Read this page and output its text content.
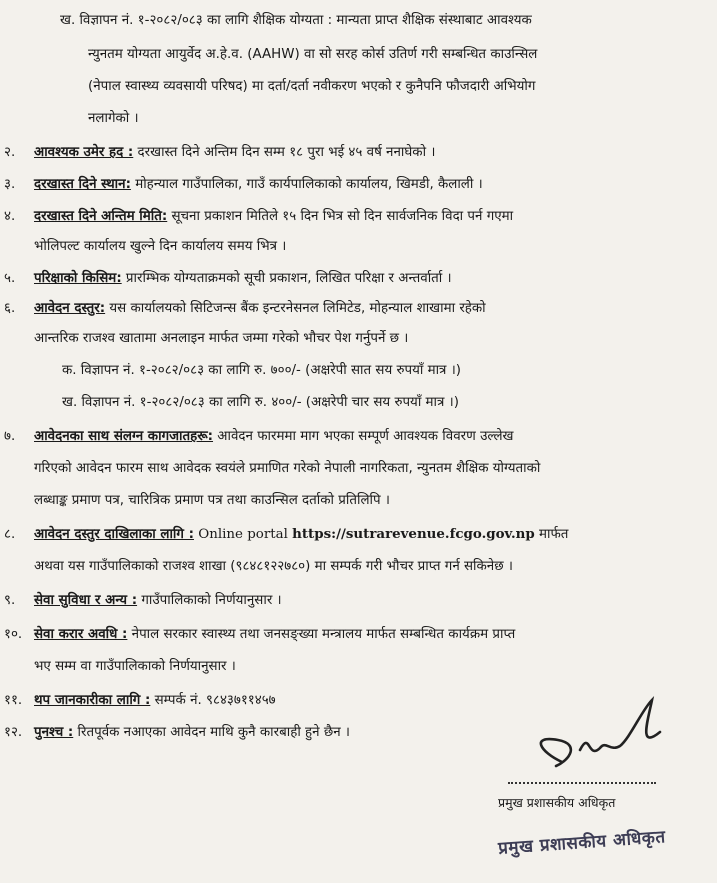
ख. विज्ञापन नं. १-२०८२/०८३ का लागि शैक्षिक योग्यता : मान्यता प्राप्त शैक्षिक संस्थाबाट आवश्यक
न्युनतम योग्यता आयुर्वेद अ.हे.व. (AAHW) वा सो सरह कोर्स उतिर्ण गरी सम्बन्धित काउन्सिल
(नेपाल स्वास्थ्य व्यवसायी परिषद) मा दर्ता/दर्ता नवीकरण भएको र कुनैपनि फौजदारी अभियोग
नलागेको ।
२. आवश्यक उमेर हद : दरखास्त दिने अन्तिम दिन सम्म १८ पुरा भई ४५ वर्ष ननाघेको ।
३. दरखास्त दिने स्थान: मोहन्याल गाउँपालिका, गाउँ कार्यपालिकाको कार्यालय, खिमडी, कैलाली ।
४. दरखास्त दिने अन्तिम मिति: सूचना प्रकाशन मितिले १५ दिन भित्र सो दिन सार्वजनिक विदा पर्न गएमा
भोलिपल्ट कार्यालय खुल्ने दिन कार्यालय समय भित्र ।
५. परिक्षाको किसिम: प्रारम्भिक योग्यताक्रमको सूची प्रकाशन, लिखित परिक्षा र अन्तर्वार्ता ।
६. आवेदन दस्तुर: यस कार्यालयको सिटिजन्स बैंक इन्टरनेसनल लिमिटेड, मोहन्याल शाखामा रहेको
आन्तरिक राजश्व खातामा अनलाइन मार्फत जम्मा गरेको भौचर पेश गर्नुपर्ने छ ।
क. विज्ञापन नं. १-२०८२/०८३ का लागि रु. ७००/- (अक्षरेपी सात सय रुपयाँ मात्र ।)
ख. विज्ञापन नं. १-२०८२/०८३ का लागि रु. ४००/- (अक्षरेपी चार सय रुपयाँ मात्र ।)
७. आवेदनका साथ संलग्न कागजातहरू: आवेदन फारममा माग भएका सम्पूर्ण आवश्यक विवरण उल्लेख
गरिएको आवेदन फारम साथ आवेदक स्वयंले प्रमाणित गरेको नेपाली नागरिकता, न्युनतम शैक्षिक योग्यताको
लब्धाङ्क प्रमाण पत्र, चारित्रिक प्रमाण पत्र तथा काउन्सिल दर्ताको प्रतिलिपि ।
८. आवेदन दस्तुर दाखिलाका लागि : Online portal https://sutrarevenue.fcgo.gov.np मार्फत
अथवा यस गाउँपालिकाको राजश्व शाखा (९८४८१२२७८०) मा सम्पर्क गरी भौचर प्राप्त गर्न सकिनेछ ।
९. सेवा सुविधा र अन्य : गाउँपालिकाको निर्णयानुसार ।
१०. सेवा करार अवधि : नेपाल सरकार स्वास्थ्य तथा जनसङ्ख्या मन्त्रालय मार्फत सम्बन्धित कार्यक्रम प्राप्त
भए सम्म वा गाउँपालिकाको निर्णयानुसार ।
११. थप जानकारीका लागि : सम्पर्क नं. ९८४३७११४५७
१२. पुनश्च : रितपूर्वक नआएका आवेदन माथि कुनै कारबाही हुने छैन ।
प्रमुख प्रशासकीय अधिकृत
प्रमुख प्रशासकीय अधिकृत
